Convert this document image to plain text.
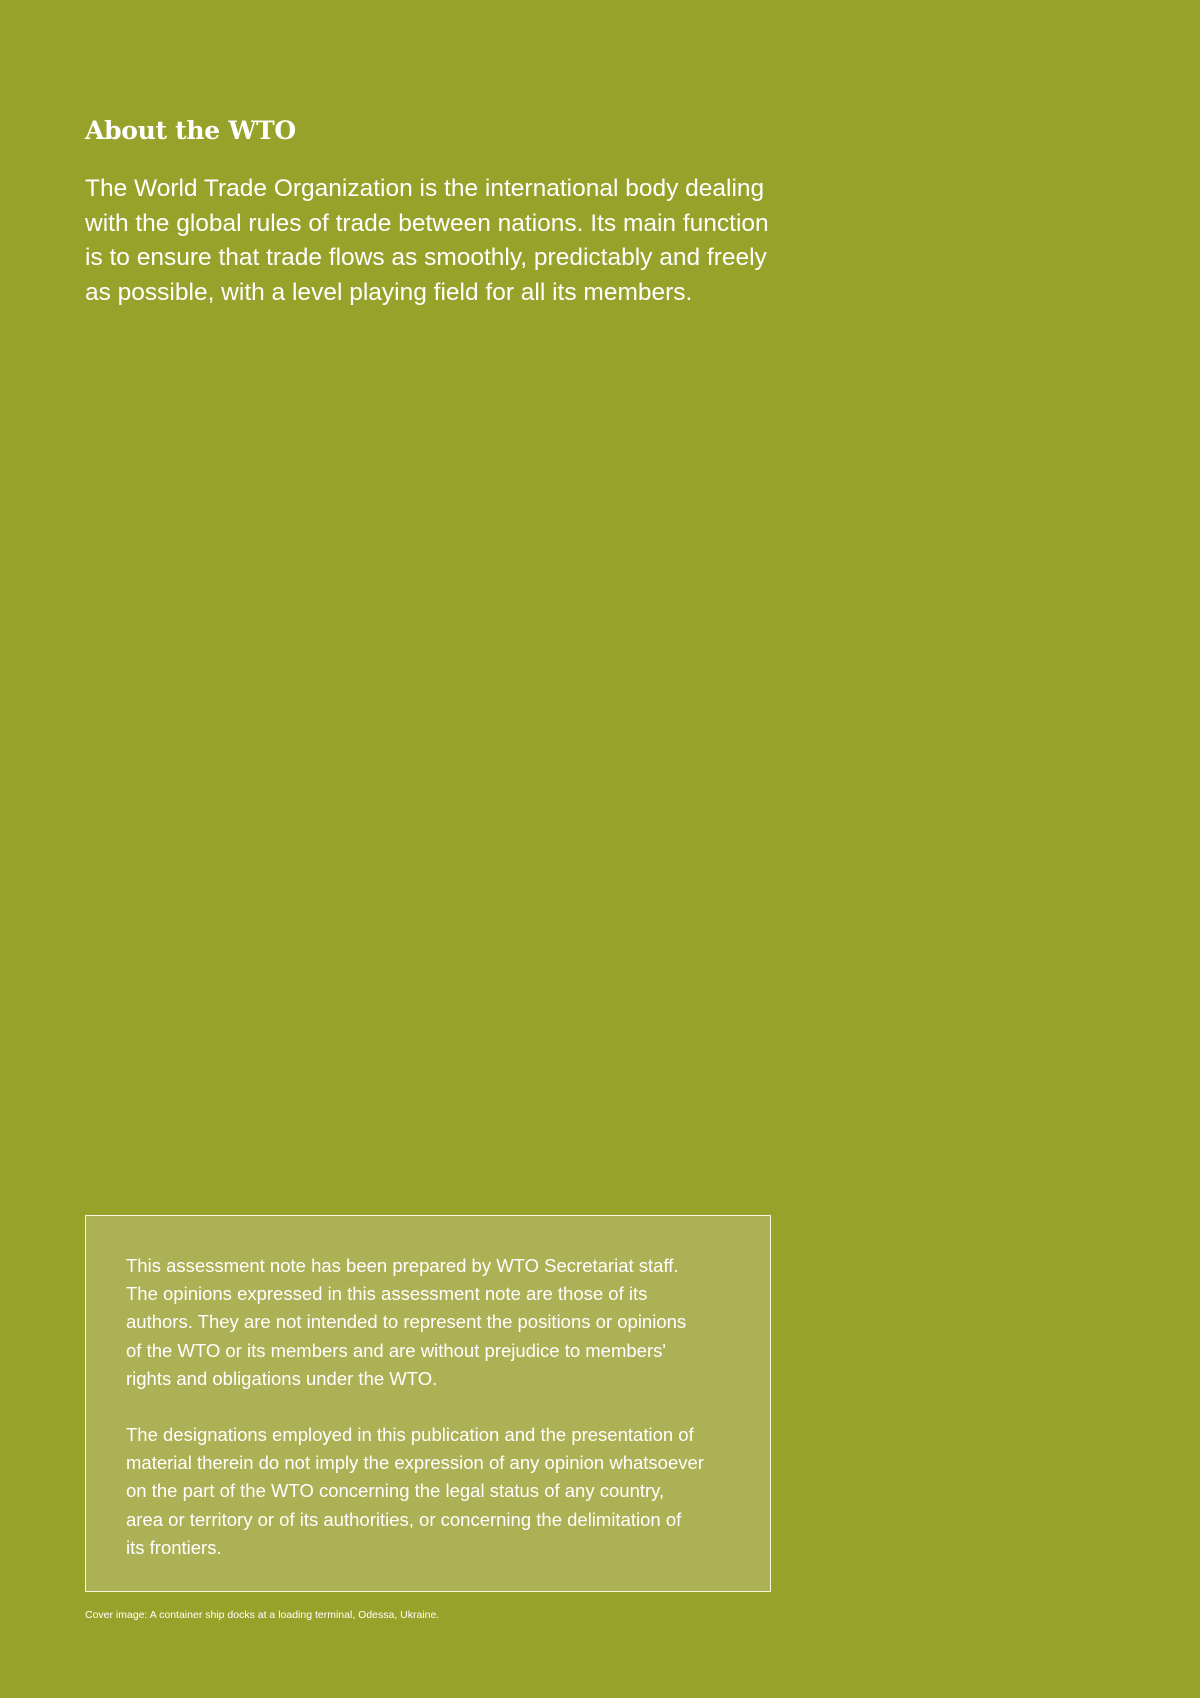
About the WTO

The World Trade Organization is the international body dealing
with the global rules of trade between nations. Its main function
is to ensure that trade flows as smoothly, predictably and freely
as possible, with a level playing field for all its members.

This assessment note has been prepared by WTO Secretariat staff.
The opinions expressed in this assessment note are those of its
authors. They are not intended to represent the positions or opinions
of the WTO or its members and are without prejudice to members'
rights and obligations under the WTO.

The designations employed in this publication and the presentation of
material therein do not imply the expression of any opinion whatsoever
on the part of the WTO concerning the legal status of any country,
area or territory or of its authorities, or concerning the delimitation of
its frontiers.

Cover image: A container ship docks at a loading terminal, Odessa, Ukraine.
